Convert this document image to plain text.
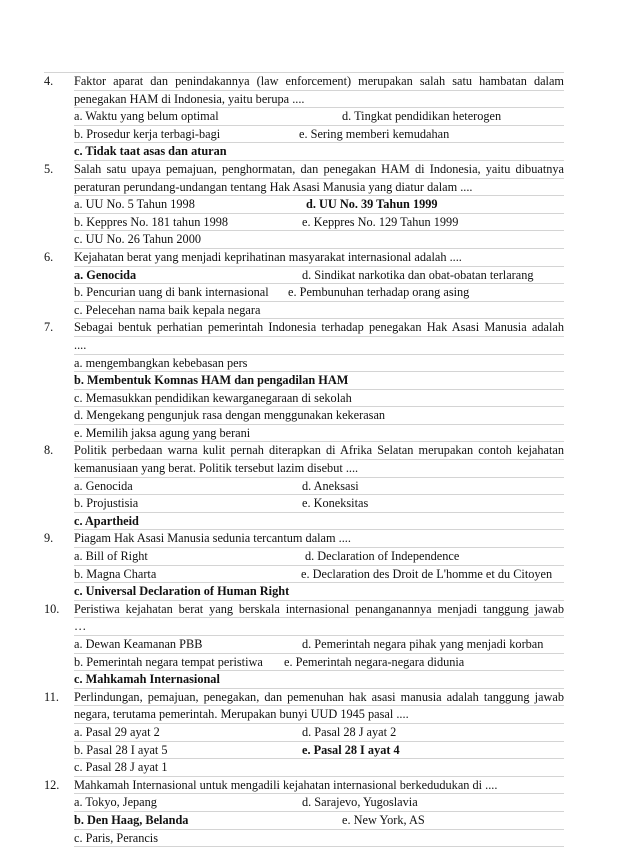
4.	Faktor aparat dan penindakannya (law enforcement) merupakan salah satu hambatan dalam
penegakan HAM di Indonesia, yaitu berupa ....
a. Waktu yang belum optimal	d. Tingkat pendidikan heterogen
b. Prosedur kerja terbagi-bagi	e. Sering memberi kemudahan
c. Tidak taat asas dan aturan
5.	Salah satu upaya pemajuan, penghormatan, dan penegakan HAM di Indonesia, yaitu dibuatnya
peraturan perundang-undangan tentang Hak Asasi Manusia yang diatur dalam ....
a. UU No. 5 Tahun 1998	d. UU No. 39 Tahun 1999
b. Keppres No. 181 tahun 1998	e. Keppres No. 129 Tahun 1999
c. UU No. 26 Tahun 2000
6.	Kejahatan berat yang menjadi keprihatinan masyarakat internasional adalah ....
a. Genocida	d. Sindikat narkotika dan obat-obatan terlarang
b. Pencurian uang di bank internasional e. Pembunuhan terhadap orang asing
c. Pelecehan nama baik kepala negara
7.	Sebagai bentuk perhatian pemerintah Indonesia terhadap penegakan Hak Asasi Manusia adalah
....
a. mengembangkan kebebasan pers
b. Membentuk Komnas HAM dan pengadilan HAM
c. Memasukkan pendidikan kewarganegaraan di sekolah
d. Mengekang pengunjuk rasa dengan menggunakan kekerasan
e. Memilih jaksa agung yang berani
8.	Politik perbedaan warna kulit pernah diterapkan di Afrika Selatan merupakan contoh kejahatan
kemanusiaan yang berat. Politik tersebut lazim disebut ....
a. Genocida	d. Aneksasi
b. Projustisia	e. Koneksitas
c. Apartheid
9.	Piagam Hak Asasi Manusia sedunia tercantum dalam ....
a. Bill of Right	d. Declaration of Independence
b. Magna Charta	e. Declaration des Droit de L'homme et du Citoyen
c. Universal Declaration of Human Right
10.	Peristiwa kejahatan berat yang berskala internasional penanganannya menjadi tanggung jawab
…
a. Dewan Keamanan PBB	d. Pemerintah negara pihak yang menjadi korban
b. Pemerintah negara tempat peristiwa e. Pemerintah negara-negara didunia
c. Mahkamah Internasional
11.	Perlindungan, pemajuan, penegakan, dan pemenuhan hak asasi manusia adalah tanggung jawab
negara, terutama pemerintah. Merupakan bunyi UUD 1945 pasal ....
a. Pasal 29 ayat 2	d. Pasal 28 J ayat 2
b. Pasal 28 I ayat 5	e. Pasal 28 I ayat 4
c. Pasal 28 J ayat 1
12.	Mahkamah Internasional untuk mengadili kejahatan internasional berkedudukan di ....
a. Tokyo, Jepang	d. Sarajevo, Yugoslavia
b. Den Haag, Belanda	e. New York, AS
c. Paris, Perancis
